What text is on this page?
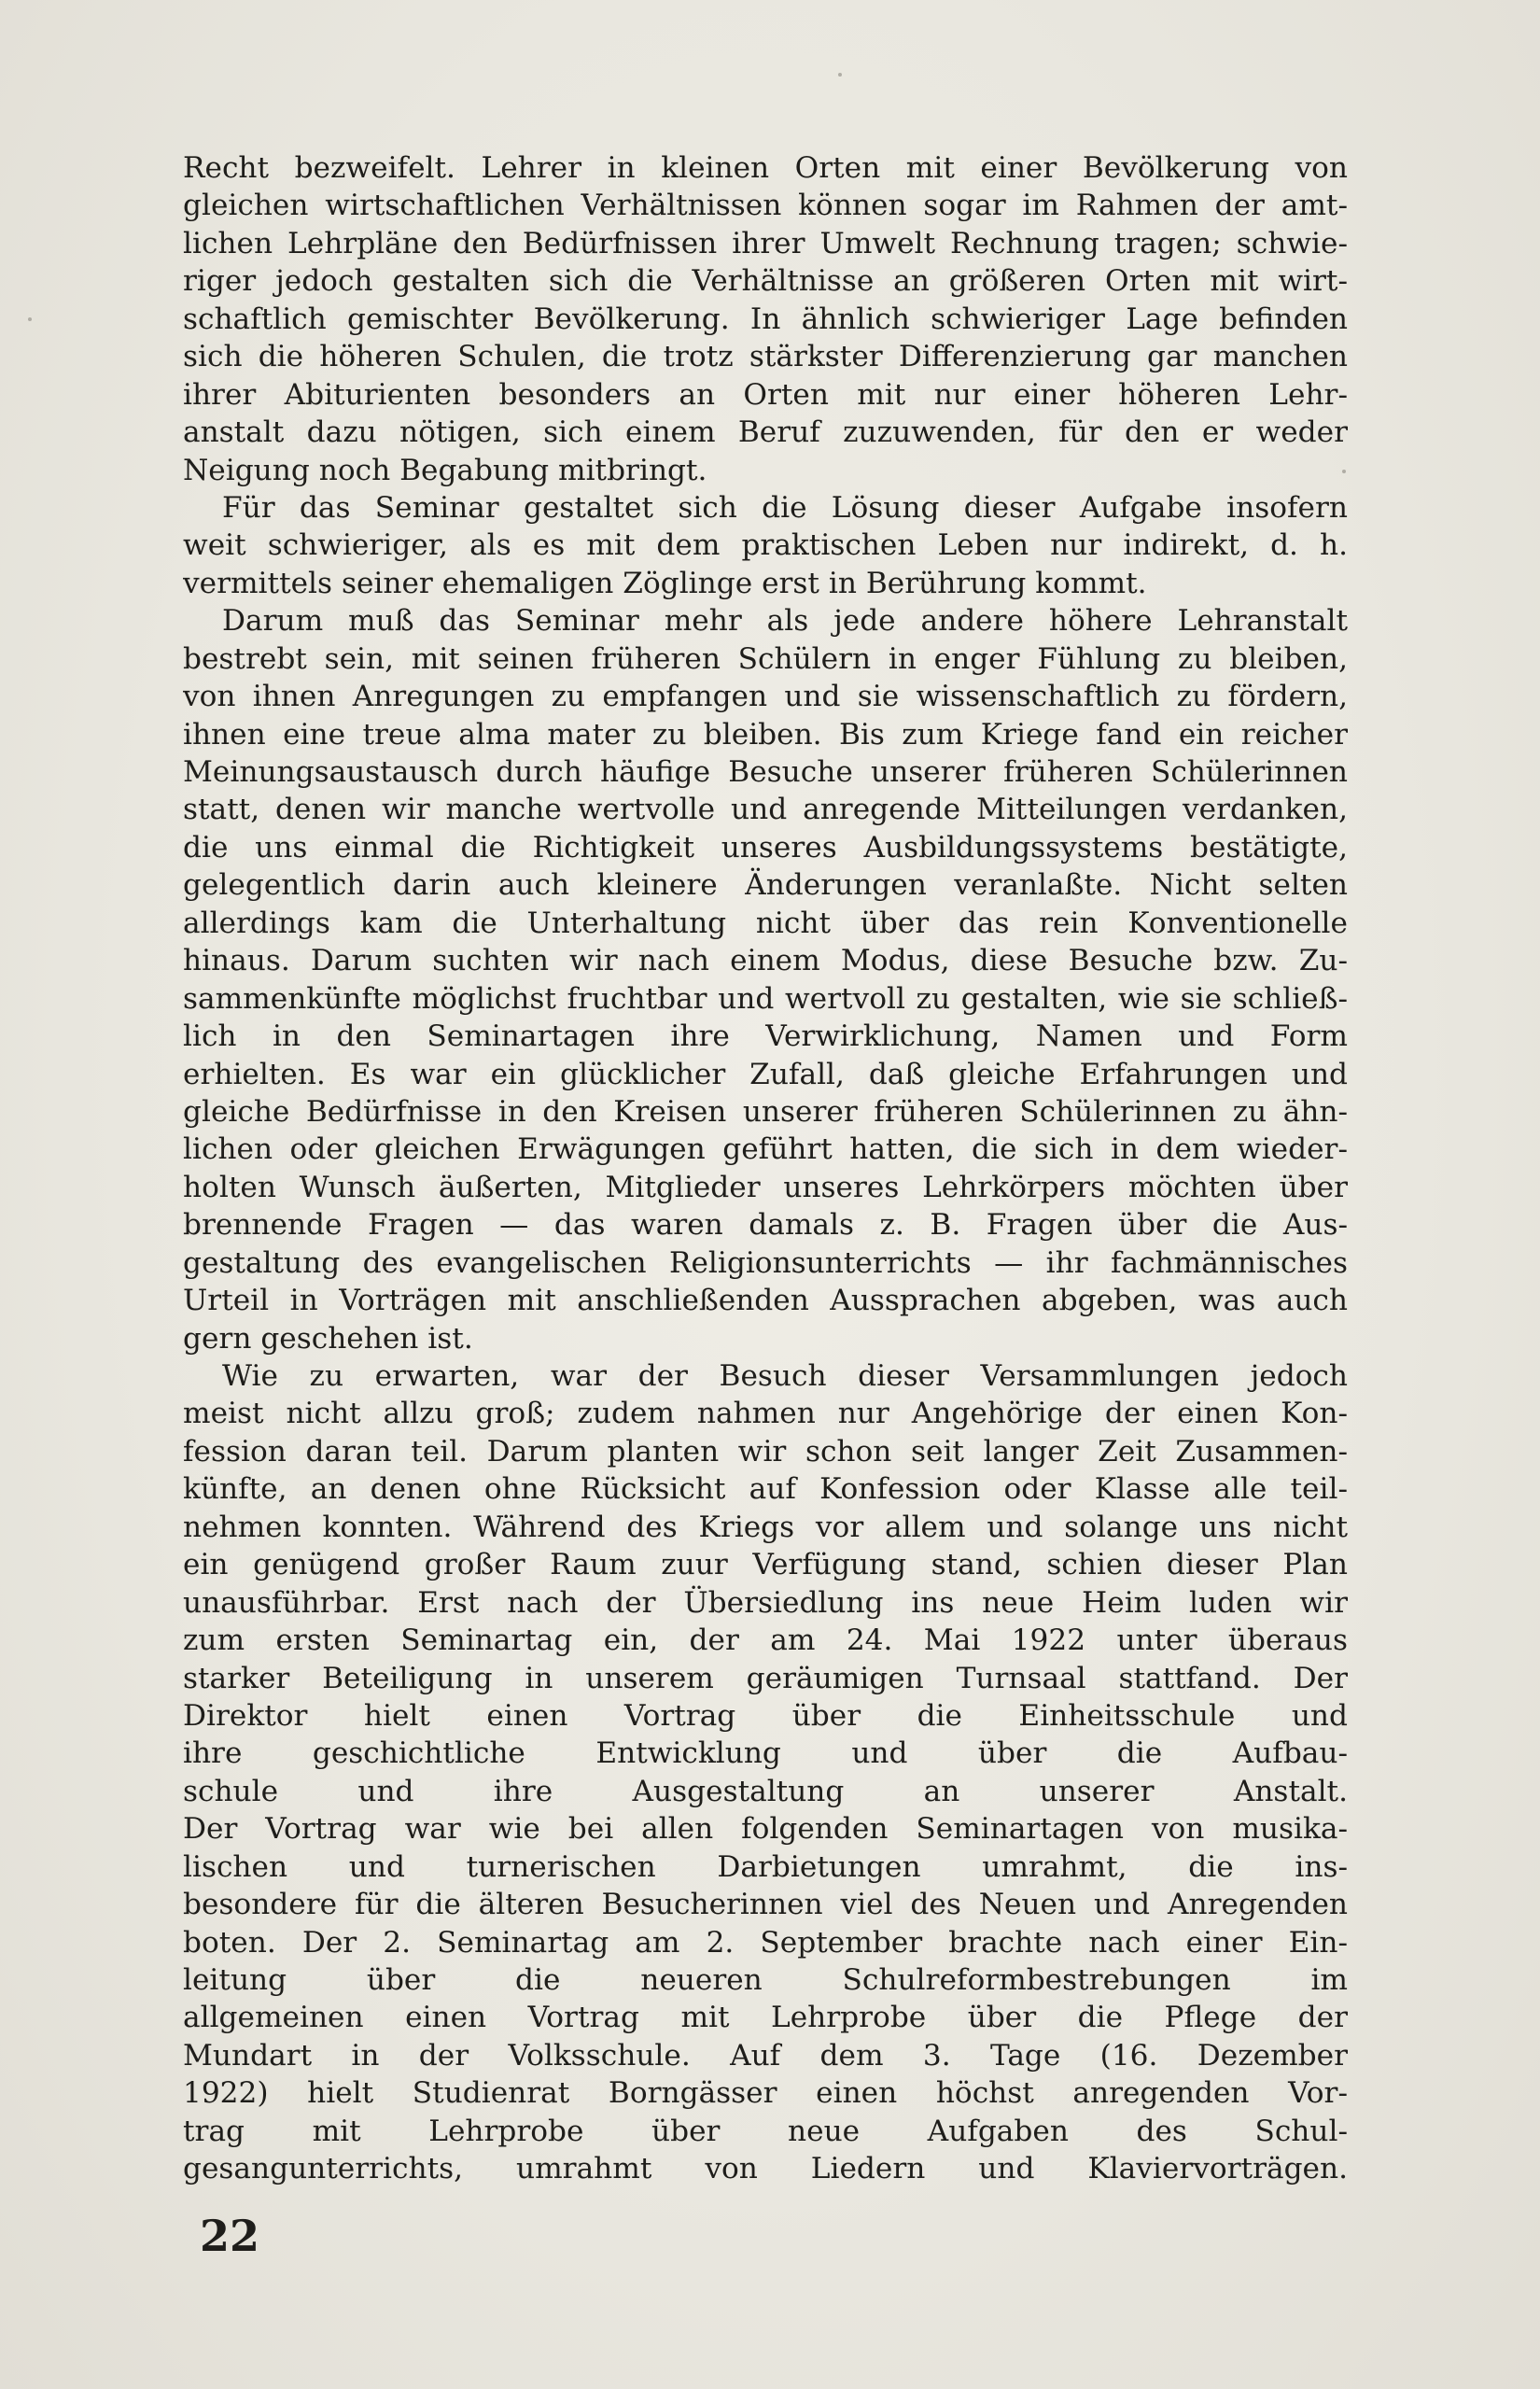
Recht bezweifelt. Lehrer in kleinen Orten mit einer Bevölkerung von
gleichen wirtschaftlichen Verhältnissen können sogar im Rahmen der amt-
lichen Lehrpläne den Bedürfnissen ihrer Umwelt Rechnung tragen; schwie-
riger jedoch gestalten sich die Verhältnisse an größeren Orten mit wirt-
schaftlich gemischter Bevölkerung. In ähnlich schwieriger Lage befinden
sich die höheren Schulen, die trotz stärkster Differenzierung gar manchen
ihrer Abiturienten besonders an Orten mit nur einer höheren Lehr-
anstalt dazu nötigen, sich einem Beruf zuzuwenden, für den er weder
Neigung noch Begabung mitbringt.
Für das Seminar gestaltet sich die Lösung dieser Aufgabe insofern
weit schwieriger, als es mit dem praktischen Leben nur indirekt, d. h.
vermittels seiner ehemaligen Zöglinge erst in Berührung kommt.
Darum muß das Seminar mehr als jede andere höhere Lehranstalt
bestrebt sein, mit seinen früheren Schülern in enger Fühlung zu bleiben,
von ihnen Anregungen zu empfangen und sie wissenschaftlich zu fördern,
ihnen eine treue alma mater zu bleiben. Bis zum Kriege fand ein reicher
Meinungsaustausch durch häufige Besuche unserer früheren Schülerinnen
statt, denen wir manche wertvolle und anregende Mitteilungen verdanken,
die uns einmal die Richtigkeit unseres Ausbildungssystems bestätigte,
gelegentlich darin auch kleinere Änderungen veranlaßte. Nicht selten
allerdings kam die Unterhaltung nicht über das rein Konventionelle
hinaus. Darum suchten wir nach einem Modus, diese Besuche bzw. Zu-
sammenkünfte möglichst fruchtbar und wertvoll zu gestalten, wie sie schließ-
lich in den Seminartagen ihre Verwirklichung, Namen und Form
erhielten. Es war ein glücklicher Zufall, daß gleiche Erfahrungen und
gleiche Bedürfnisse in den Kreisen unserer früheren Schülerinnen zu ähn-
lichen oder gleichen Erwägungen geführt hatten, die sich in dem wieder-
holten Wunsch äußerten, Mitglieder unseres Lehrkörpers möchten über
brennende Fragen — das waren damals z. B. Fragen über die Aus-
gestaltung des evangelischen Religionsunterrichts — ihr fachmännisches
Urteil in Vorträgen mit anschließenden Aussprachen abgeben, was auch
gern geschehen ist.
Wie zu erwarten, war der Besuch dieser Versammlungen jedoch
meist nicht allzu groß; zudem nahmen nur Angehörige der einen Kon-
fession daran teil. Darum planten wir schon seit langer Zeit Zusammen-
künfte, an denen ohne Rücksicht auf Konfession oder Klasse alle teil-
nehmen konnten. Während des Kriegs vor allem und solange uns nicht
ein genügend großer Raum zuur Verfügung stand, schien dieser Plan
unausführbar. Erst nach der Übersiedlung ins neue Heim luden wir
zum ersten Seminartag ein, der am 24. Mai 1922 unter überaus
starker Beteiligung in unserem geräumigen Turnsaal stattfand. Der
Direktor hielt einen Vortrag über die Einheitsschule und
ihre geschichtliche Entwicklung und über die Aufbau-
schule und ihre Ausgestaltung an unserer Anstalt.
Der Vortrag war wie bei allen folgenden Seminartagen von musika-
lischen und turnerischen Darbietungen umrahmt, die ins-
besondere für die älteren Besucherinnen viel des Neuen und Anregenden
boten. Der 2. Seminartag am 2. September brachte nach einer Ein-
leitung über die neueren Schulreformbestrebungen im
allgemeinen einen Vortrag mit Lehrprobe über die Pflege der
Mundart in der Volksschule. Auf dem 3. Tage (16. Dezember
1922) hielt Studienrat Borngässer einen höchst anregenden Vor-
trag mit Lehrprobe über neue Aufgaben des Schul-
gesangunterrichts, umrahmt von Liedern und Klaviervorträgen.
22
